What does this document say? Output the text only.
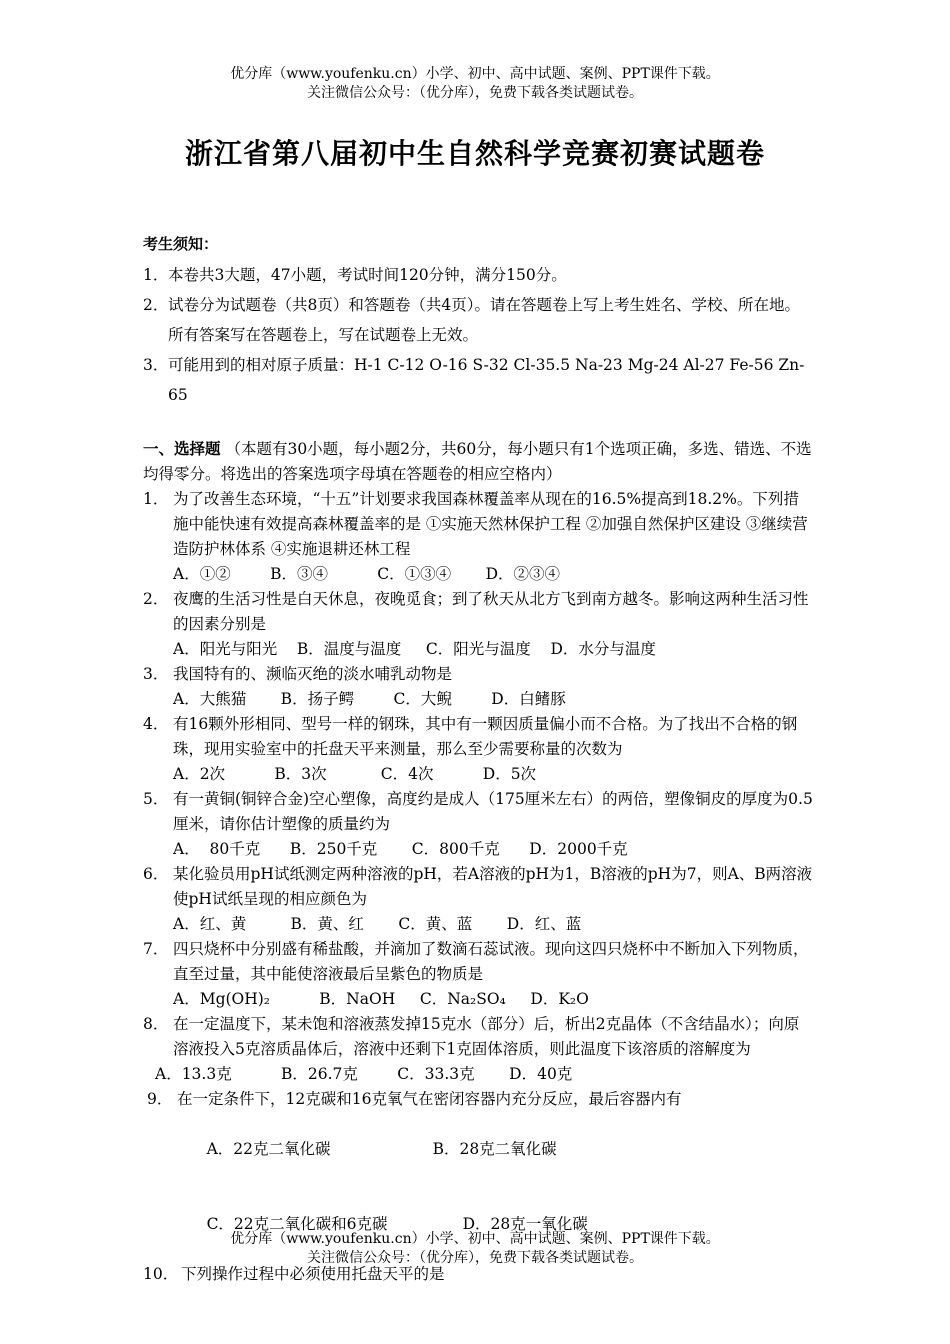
优分库（www.youfenku.cn）小学、初中、高中试题、案例、PPT课件下载。
关注微信公众号：（优分库），免费下载各类试题试卷。
浙江省第八届初中生自然科学竞赛初赛试题卷
考生须知：
1． 本卷共3大题，47小题，考试时间120分钟，满分150分。
2． 试卷分为试题卷（共8页）和答题卷（共4页）。请在答题卷上写上考生姓名、学校、所在地。所有答案写在答题卷上，写在试题卷上无效。
3． 可能用到的相对原子质量：H-1 C-12 O-16 S-32 Cl-35.5 Na-23 Mg-24 Al-27 Fe-56 Zn-65
一、选择题 （本题有30小题，每小题2分，共60分，每小题只有1个选项正确，多选、错选、不选均得零分。将选出的答案选项字母填在答题卷的相应空格内）
1． 为了改善生态环境，“十五”计划要求我国森林覆盖率从现在的16.5%提高到18.2%。下列措施中能快速有效提高森林覆盖率的是 ①实施天然林保护工程 ②加强自然保护区建设 ③继续营造防护林体系 ④实施退耕还林工程
A．①②        B．③④          C．①③④       D．②③④
2． 夜鹰的生活习性是白天休息，夜晚觅食；到了秋天从北方飞到南方越冬。影响这两种生活习性的因素分别是
A．阳光与阳光    B．温度与温度     C．阳光与温度    D．水分与温度
3． 我国特有的、濒临灭绝的淡水哺乳动物是
A．大熊猫       B．扬子鳄        C．大鲵        D．白鳍豚
4． 有16颗外形相同、型号一样的钢珠，其中有一颗因质量偏小而不合格。为了找出不合格的钢珠，现用实验室中的托盘天平来测量，那么至少需要称量的次数为
A．2次          B．3次           C．4次          D．5次
5． 有一黄铜(铜锌合金)空心塑像，高度约是成人（175厘米左右）的两倍，塑像铜皮的厚度为0.5厘米，请你估计塑像的质量约为
A．  80千克      B．250千克       C．800千克      D．2000千克
6． 某化验员用pH试纸测定两种溶液的pH，若A溶液的pH为1，B溶液的pH为7，则A、B两溶液使pH试纸呈现的相应颜色为
A．红、黄         B．黄、红       C．黄、蓝       D．红、蓝
7． 四只烧杯中分别盛有稀盐酸，并滴加了数滴石蕊试液。现向这四只烧杯中不断加入下列物质，直至过量，其中能使溶液最后呈紫色的物质是
A．Mg(OH)₂          B．NaOH     C．Na₂SO₄     D．K₂O
8． 在一定温度下，某未饱和溶液蒸发掉15克水（部分）后，析出2克晶体（不含结晶水）；向原溶液投入5克溶质晶体后，溶液中还剩下1克固体溶质，则此温度下该溶质的溶解度为
A．13.3克          B．26.7克        C．33.3克       D．40克
9． 在一定条件下，12克碳和16克氧气在密闭容器内充分反应，最后容器内有

A．22克二氧化碳	B．28克二氧化碳

C．22克二氧化碳和6克碳	D．28克一氧化碳

10． 下列操作过程中必须使用托盘天平的是
优分库（www.youfenku.cn）小学、初中、高中试题、案例、PPT课件下载。
关注微信公众号：（优分库），免费下载各类试题试卷。
